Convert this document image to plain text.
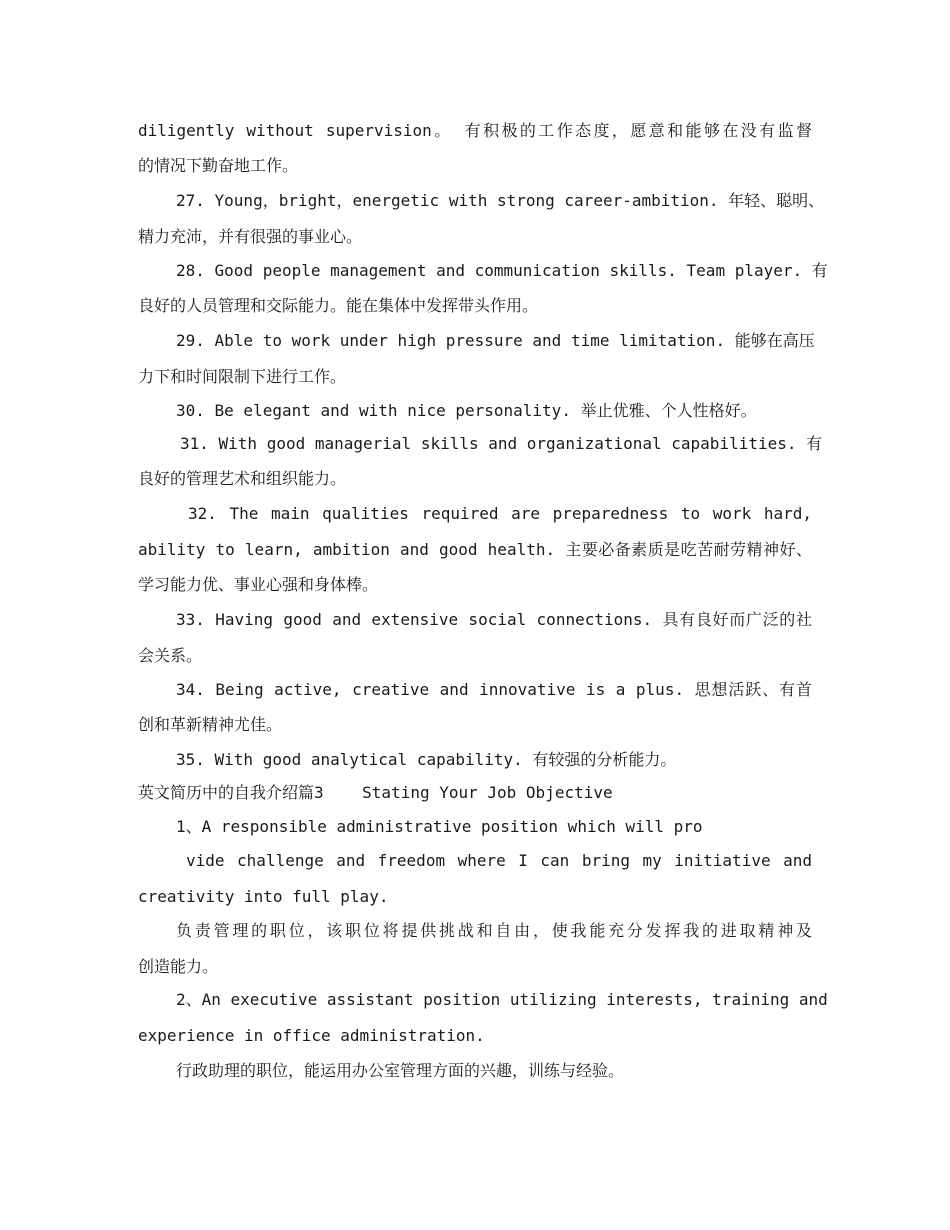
diligently without supervision。 有积极的工作态度，愿意和能够在没有监督
的情况下勤奋地工作。
27. Young，bright，energetic with strong career-ambition. 年轻、聪明、
精力充沛，并有很强的事业心。
28. Good people management and communication skills. Team player. 有
良好的人员管理和交际能力。能在集体中发挥带头作用。
29. Able to work under high pressure and time limitation. 能够在高压
力下和时间限制下进行工作。
30. Be elegant and with nice personality. 举止优雅、个人性格好。
31. With good managerial skills and organizational capabilities. 有
良好的管理艺术和组织能力。
32. The main qualities required are preparedness to work hard,
ability to learn, ambition and good health. 主要必备素质是吃苦耐劳精神好、
学习能力优、事业心强和身体棒。
33. Having good and extensive social connections. 具有良好而广泛的社
会关系。
34. Being active, creative and innovative is a plus. 思想活跃、有首
创和革新精神尤佳。
35. With good analytical capability. 有较强的分析能力。
英文简历中的自我介绍篇3    Stating Your Job Objective
1、A responsible administrative position which will pro
vide challenge and freedom where I can bring my initiative and
creativity into full play.
负责管理的职位，该职位将提供挑战和自由，使我能充分发挥我的进取精神及
创造能力。
2、An executive assistant position utilizing interests, training and
experience in office administration.
行政助理的职位，能运用办公室管理方面的兴趣，训练与经验。
